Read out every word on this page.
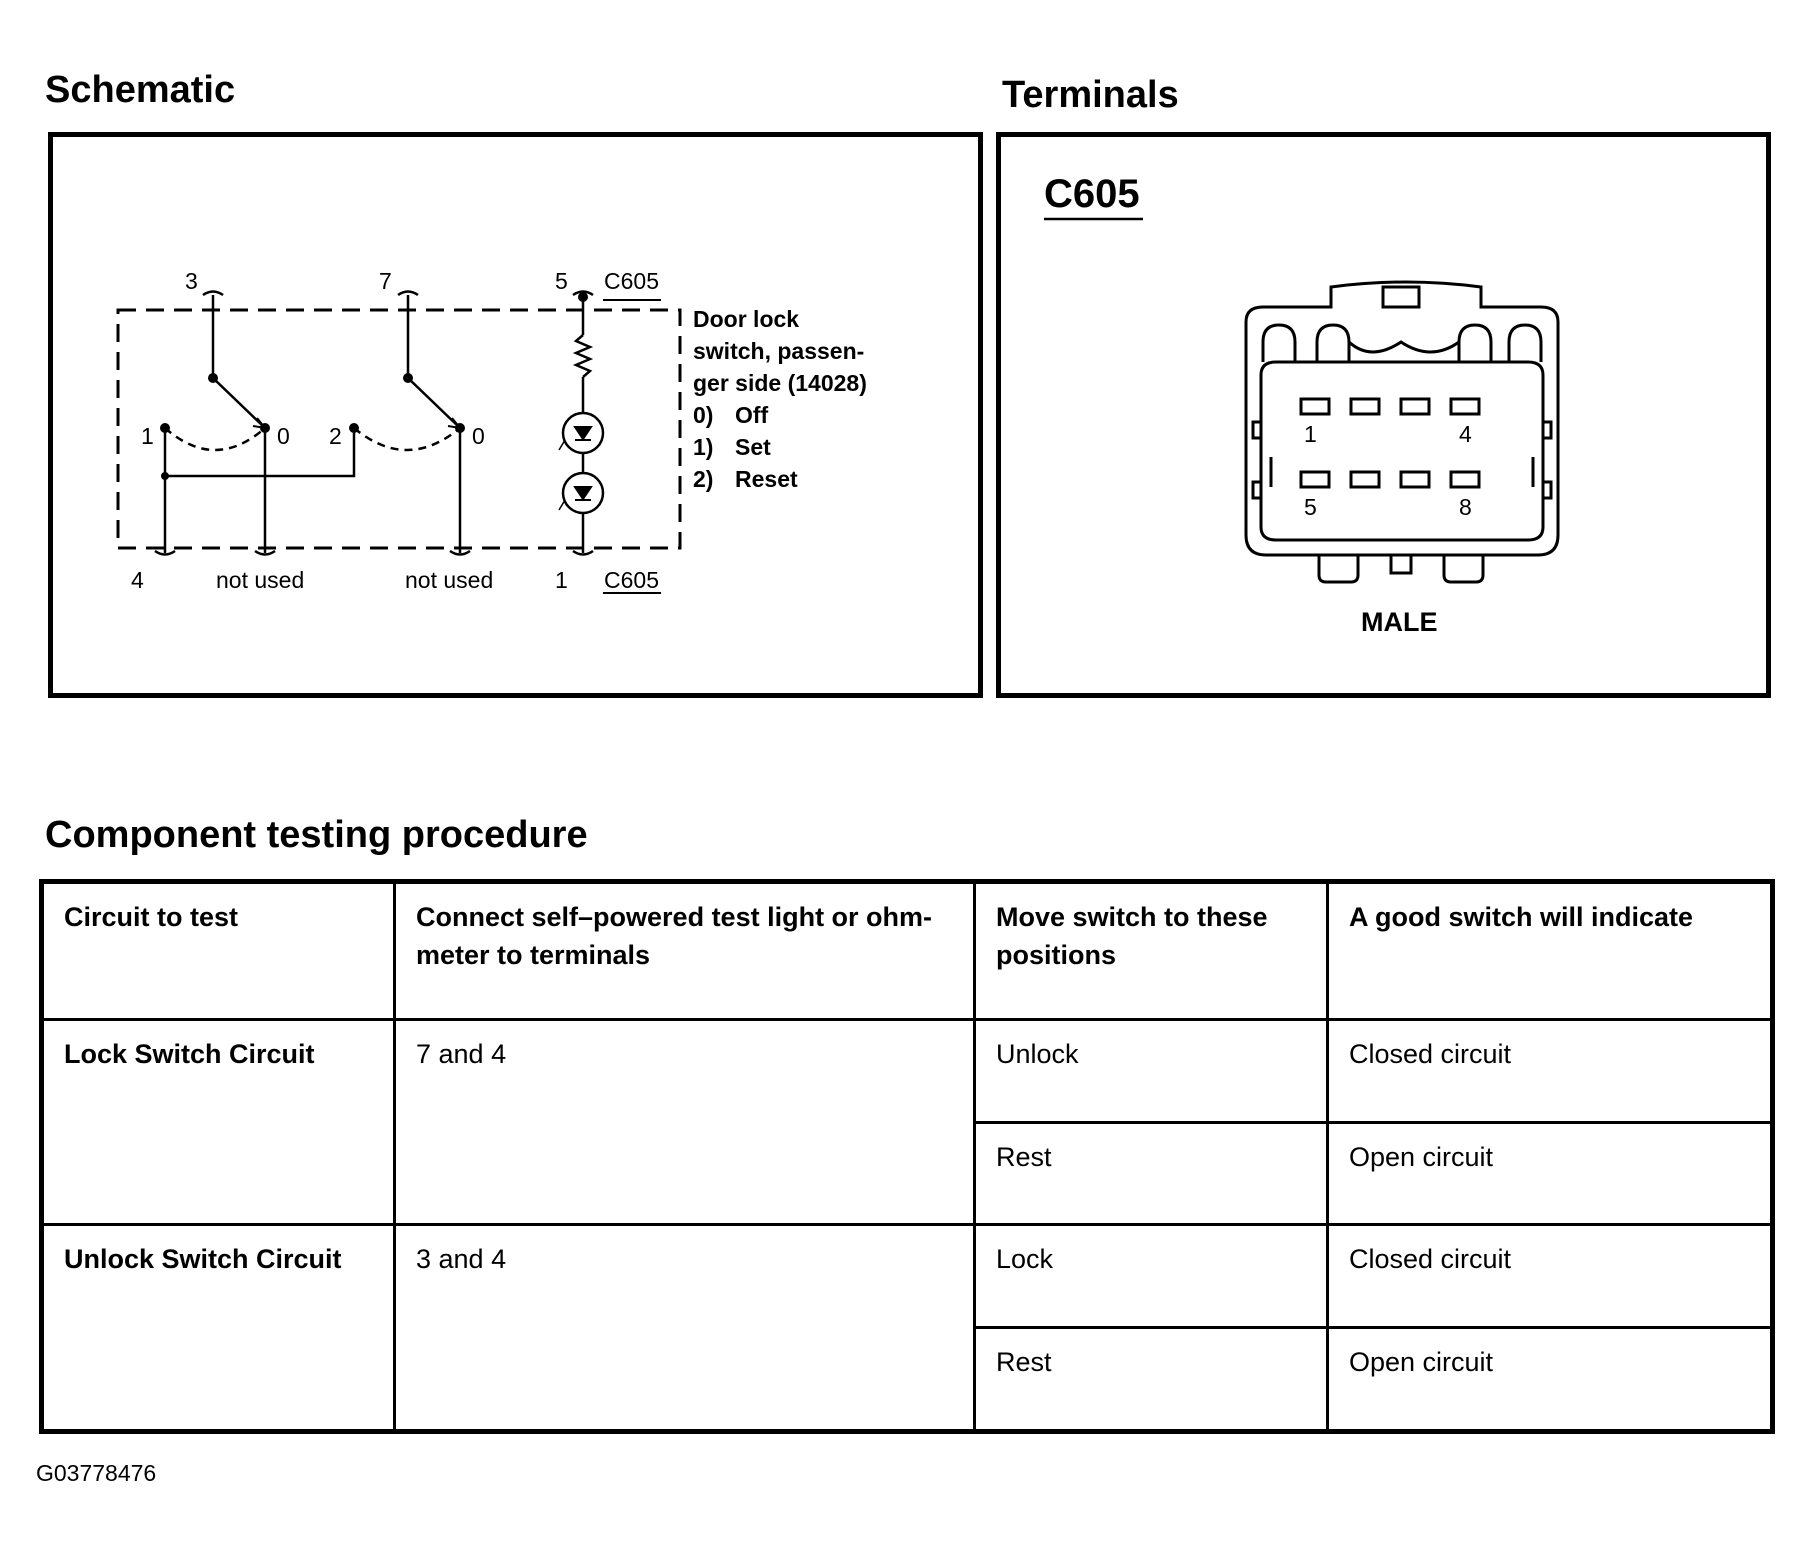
Schematic
3	7	5 C605
1	0 2	0
4	not used	not used	1 C605
Door lock
switch, passen-
ger side (14028)
0) Off
1) Set
2) Reset
Terminals
C605
1	4
5	8
MALE
Component testing procedure
Circuit to test	Connect self–powered test light or ohm-meter to terminals	Move switch to these positions	A good switch will indicate
Lock Switch Circuit	7 and 4	Unlock	Closed circuit
		Rest	Open circuit
Unlock Switch Circuit	3 and 4	Lock	Closed circuit
		Rest	Open circuit
G03778476
